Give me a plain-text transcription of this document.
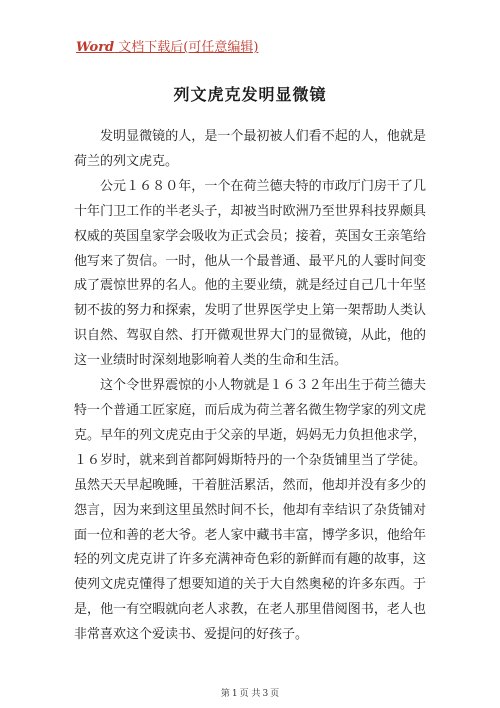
Word 文档下载后(可任意编辑)
列文虎克发明显微镜

发明显微镜的人，是一个最初被人们看不起的人，他就是荷兰的列文虎克。

公元１６８０年，一个在荷兰德夫特的市政厅门房干了几十年门卫工作的半老头子，却被当时欧洲乃至世界科技界颇具权威的英国皇家学会吸收为正式会员；接着，英国女王亲笔给他写来了贺信。一时，他从一个最普通、最平凡的人霎时间变成了震惊世界的名人。他的主要业绩，就是经过自己几十年坚韧不拔的努力和探索，发明了世界医学史上第一架帮助人类认识自然、驾驭自然、打开微观世界大门的显微镜，从此，他的这一业绩时时深刻地影响着人类的生命和生活。

这个令世界震惊的小人物就是１６３２年出生于荷兰德夫特一个普通工匠家庭，而后成为荷兰著名微生物学家的列文虎克。早年的列文虎克由于父亲的早逝，妈妈无力负担他求学，１６岁时，就来到首都阿姆斯特丹的一个杂货铺里当了学徒。虽然天天早起晚睡，干着脏活累活，然而，他却并没有多少的怨言，因为来到这里虽然时间不长，他却有幸结识了杂货铺对面一位和善的老大爷。老人家中藏书丰富，博学多识，他给年轻的列文虎克讲了许多充满神奇色彩的新鲜而有趣的故事，这使列文虎克懂得了想要知道的关于大自然奥秘的许多东西。于是，他一有空暇就向老人求教，在老人那里借阅图书，老人也非常喜欢这个爱读书、爱提问的好孩子。

第 1 页 共 3 页
